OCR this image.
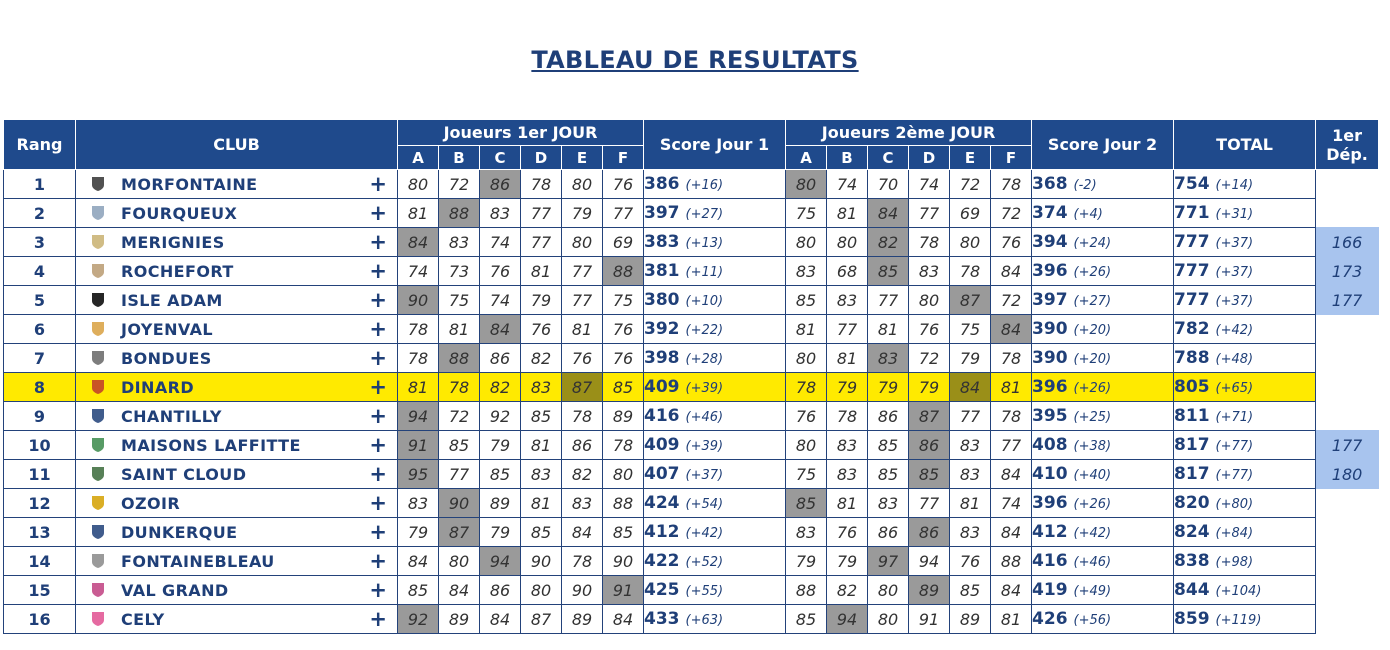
TABLEAU DE RESULTATS
Rang	CLUB	Joueurs 1er JOUR						Score Jour 1	Joueurs 2ème JOUR						Score Jour 2	TOTAL	1er
Dép.
		A	B	C	D	E	F		A	B	C	D	E	F			
1	MORFONTAINE +	80	72	86	78	80	76	386 (+16)	80	74	70	74	72	78	368 (-2)	754 (+14)	
2	FOURQUEUX +	81	88	83	77	79	77	397 (+27)	75	81	84	77	69	72	374 (+4)	771 (+31)	
3	MERIGNIES +	84	83	74	77	80	69	383 (+13)	80	80	82	78	80	76	394 (+24)	777 (+37)	166
4	ROCHEFORT +	74	73	76	81	77	88	381 (+11)	83	68	85	83	78	84	396 (+26)	777 (+37)	173
5	ISLE ADAM +	90	75	74	79	77	75	380 (+10)	85	83	77	80	87	72	397 (+27)	777 (+37)	177
6	JOYENVAL +	78	81	84	76	81	76	392 (+22)	81	77	81	76	75	84	390 (+20)	782 (+42)	
7	BONDUES +	78	88	86	82	76	76	398 (+28)	80	81	83	72	79	78	390 (+20)	788 (+48)	
8	DINARD +	81	78	82	83	87	85	409 (+39)	78	79	79	79	84	81	396 (+26)	805 (+65)	
9	CHANTILLY +	94	72	92	85	78	89	416 (+46)	76	78	86	87	77	78	395 (+25)	811 (+71)	
10	MAISONS LAFFITTE +	91	85	79	81	86	78	409 (+39)	80	83	85	86	83	77	408 (+38)	817 (+77)	177
11	SAINT CLOUD +	95	77	85	83	82	80	407 (+37)	75	83	85	85	83	84	410 (+40)	817 (+77)	180
12	OZOIR +	83	90	89	81	83	88	424 (+54)	85	81	83	77	81	74	396 (+26)	820 (+80)	
13	DUNKERQUE +	79	87	79	85	84	85	412 (+42)	83	76	86	86	83	84	412 (+42)	824 (+84)	
14	FONTAINEBLEAU +	84	80	94	90	78	90	422 (+52)	79	79	97	94	76	88	416 (+46)	838 (+98)	
15	VAL GRAND +	85	84	86	80	90	91	425 (+55)	88	82	80	89	85	84	419 (+49)	844 (+104)	
16	CELY +	92	89	84	87	89	84	433 (+63)	85	94	80	91	89	81	426 (+56)	859 (+119)	
